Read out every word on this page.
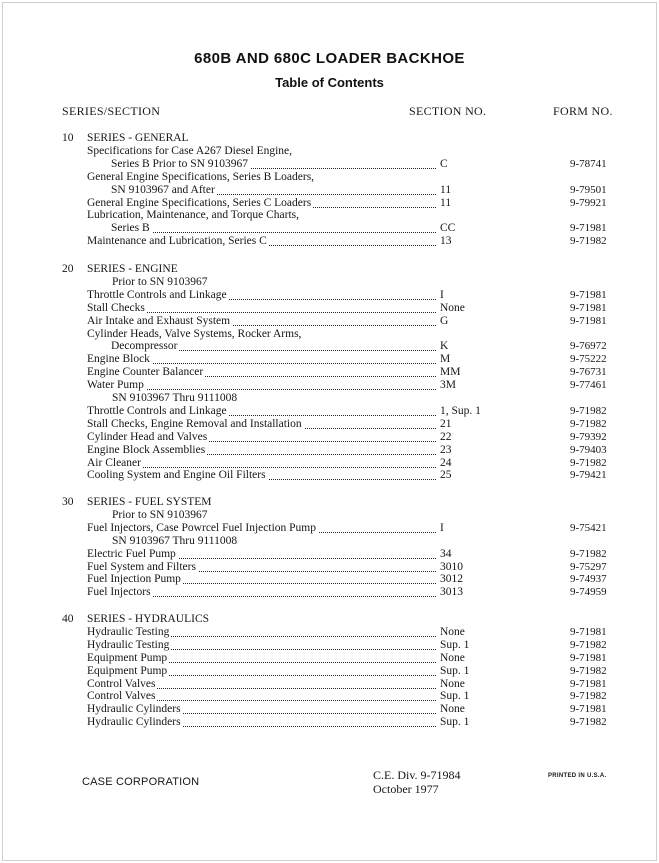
680B AND 680C LOADER BACKHOE
Table of Contents
SERIES/SECTION	SECTION NO.	FORM NO.
10 SERIES - GENERAL
Specifications for Case A267 Diesel Engine,
Series B Prior to SN 9103967	C	9-78741
General Engine Specifications, Series B Loaders,
SN 9103967 and After	11	9-79501
General Engine Specifications, Series C Loaders	11	9-79921
Lubrication, Maintenance, and Torque Charts,
Series B	CC	9-71981
Maintenance and Lubrication, Series C	13	9-71982
20 SERIES - ENGINE
Prior to SN 9103967
Throttle Controls and Linkage	I	9-71981
Stall Checks	None	9-71981
Air Intake and Exhaust System	G	9-71981
Cylinder Heads, Valve Systems, Rocker Arms,
Decompressor	K	9-76972
Engine Block	M	9-75222
Engine Counter Balancer	MM	9-76731
Water Pump	3M	9-77461
SN 9103967 Thru 9111008
Throttle Controls and Linkage	1, Sup. 1	9-71982
Stall Checks, Engine Removal and Installation	21	9-71982
Cylinder Head and Valves	22	9-79392
Engine Block Assemblies	23	9-79403
Air Cleaner	24	9-71982
Cooling System and Engine Oil Filters	25	9-79421
30 SERIES - FUEL SYSTEM
Prior to SN 9103967
Fuel Injectors, Case Powrcel Fuel Injection Pump	I	9-75421
SN 9103967 Thru 9111008
Electric Fuel Pump	34	9-71982
Fuel System and Filters	3010	9-75297
Fuel Injection Pump	3012	9-74937
Fuel Injectors	3013	9-74959
40 SERIES - HYDRAULICS
Hydraulic Testing	None	9-71981
Hydraulic Testing	Sup. 1	9-71982
Equipment Pump	None	9-71981
Equipment Pump	Sup. 1	9-71982
Control Valves	None	9-71981
Control Valves	Sup. 1	9-71982
Hydraulic Cylinders	None	9-71981
Hydraulic Cylinders	Sup. 1	9-71982
CASE CORPORATION	C.E. Div. 9-71984
October 1977
PRINTED IN U.S.A.
